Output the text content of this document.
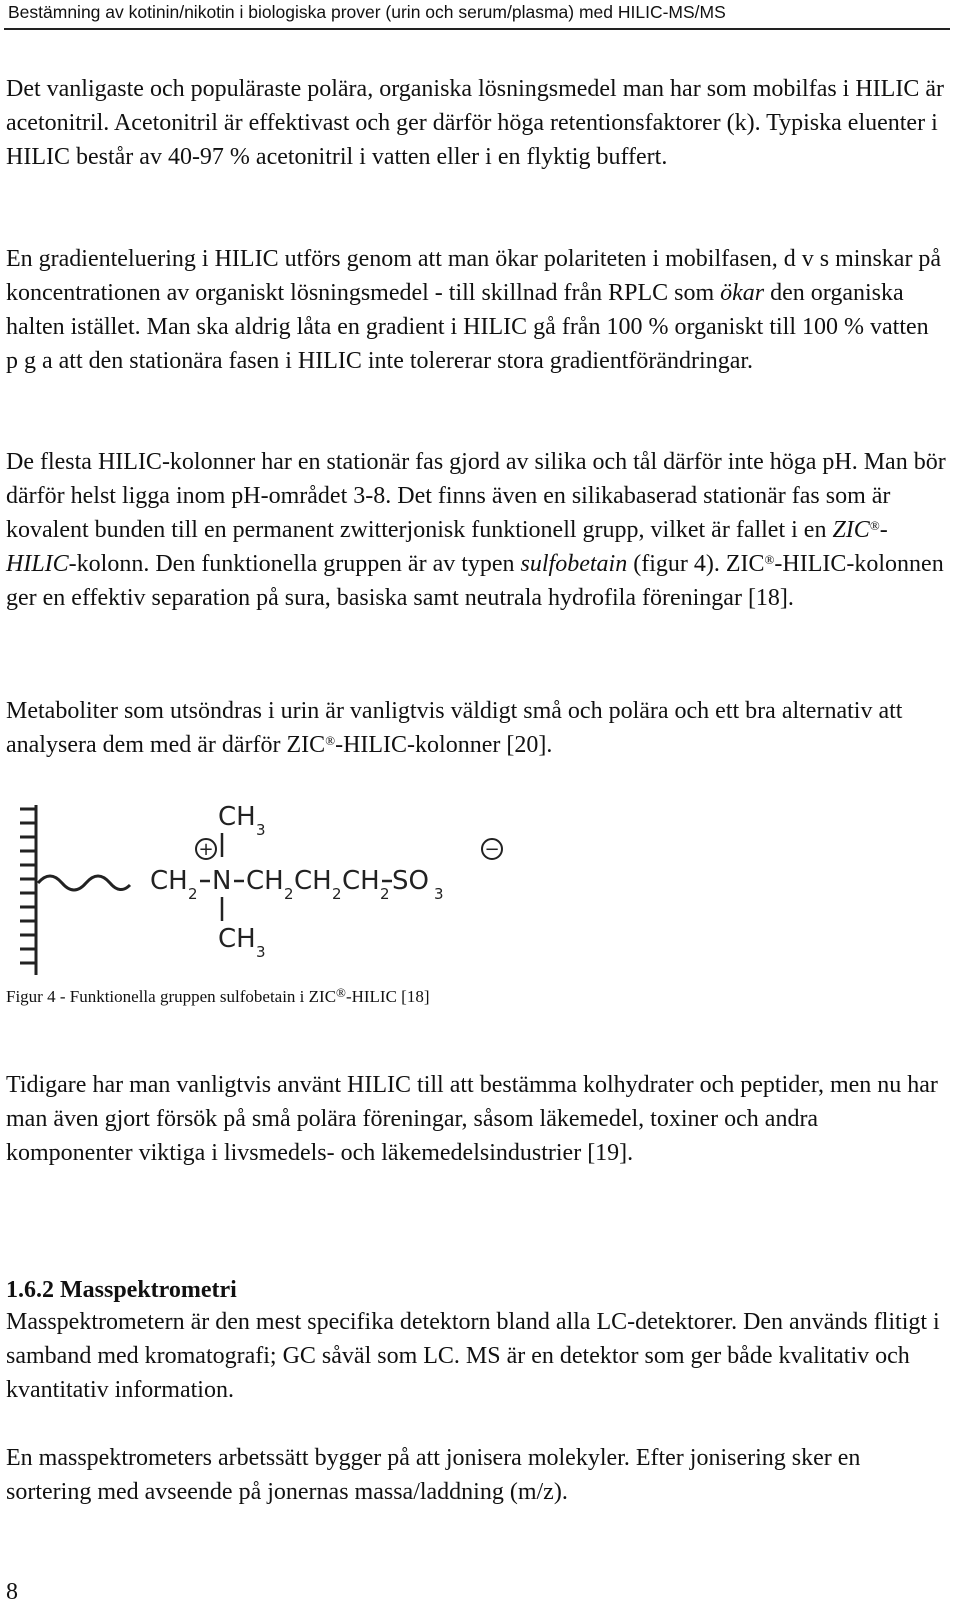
Bestämning av kotinin/nikotin i biologiska prover (urin och serum/plasma) med HILIC-MS/MS
Det vanligaste och populäraste polära, organiska lösningsmedel man har som mobilfas i HILIC är acetonitril. Acetonitril är effektivast och ger därför höga retentionsfaktorer (k). Typiska eluenter i HILIC består av 40-97 % acetonitril i vatten eller i en flyktig buffert.
En gradienteluering i HILIC utförs genom att man ökar polariteten i mobilfasen, d v s minskar på koncentrationen av organiskt lösningsmedel - till skillnad från RPLC som ökar den organiska halten istället. Man ska aldrig låta en gradient i HILIC gå från 100 % organiskt till 100 % vatten p g a att den stationära fasen i HILIC inte tolererar stora gradientförändringar.
De flesta HILIC-kolonner har en stationär fas gjord av silika och tål därför inte höga pH. Man bör därför helst ligga inom pH-området 3-8. Det finns även en silikabaserad stationär fas som är kovalent bunden till en permanent zwitterjonisk funktionell grupp, vilket är fallet i en ZIC®-HILIC-kolonn. Den funktionella gruppen är av typen sulfobetain (figur 4). ZIC®-HILIC-kolonnen ger en effektiv separation på sura, basiska samt neutrala hydrofila föreningar [18].
Metaboliter som utsöndras i urin är vanligtvis väldigt små och polära och ett bra alternativ att analysera dem med är därför ZIC®-HILIC-kolonner [20].
CH 2 N CH 2 CH 2 CH 2 SO 3
CH 3
CH 3
+	−
Figur 4 - Funktionella gruppen sulfobetain i ZIC®-HILIC [18]
Tidigare har man vanligtvis använt HILIC till att bestämma kolhydrater och peptider, men nu har man även gjort försök på små polära föreningar, såsom läkemedel, toxiner och andra komponenter viktiga i livsmedels- och läkemedelsindustrier [19].
1.6.2 Masspektrometri
Masspektrometern är den mest specifika detektorn bland alla LC-detektorer. Den används flitigt i samband med kromatografi; GC såväl som LC. MS är en detektor som ger både kvalitativ och kvantitativ information.
En masspektrometers arbetssätt bygger på att jonisera molekyler. Efter jonisering sker en sortering med avseende på jonernas massa/laddning (m/z).
8
